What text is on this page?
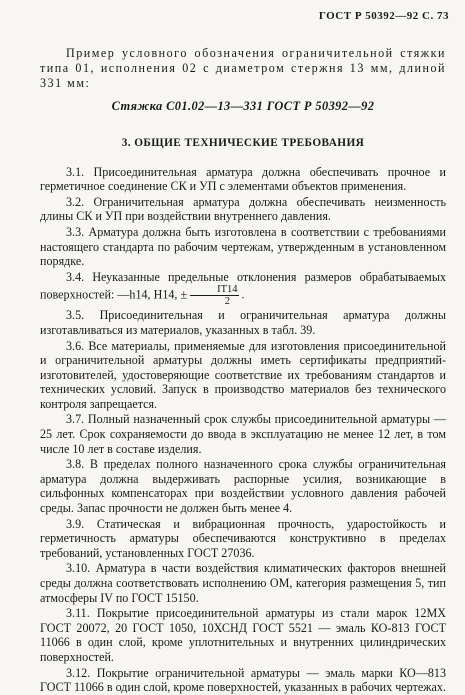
ГОСТ Р 50392—92 С. 73

Пример условного обозначения ограничительной стяжки типа 01, исполнения 02 с диаметром стержня 13 мм, длиной 331 мм:

Стяжка С01.02—13—331 ГОСТ Р 50392—92

3. ОБЩИЕ ТЕХНИЧЕСКИЕ ТРЕБОВАНИЯ

3.1. Присоединительная арматура должна обеспечивать прочное и герметичное соединение СК и УП с элементами объектов применения.

3.2. Ограничительная арматура должна обеспечивать неизменность длины СК и УП при воздействии внутреннего давления.

3.3. Арматура должна быть изготовлена в соответствии с требованиями настоящего стандарта по рабочим чертежам, утвержденным в установленном порядке.

3.4. Неуказанные предельные отклонения размеров обрабатываемых поверхностей: —h14, H14, ± $\frac{IT14}{2}$ .

3.5. Присоединительная и ограничительная арматура должны изготавливаться из материалов, указанных в табл. 39.

3.6. Все материалы, применяемые для изготовления присоединительной и ограничительной арматуры должны иметь сертификаты предприятий-изготовителей, удостоверяющие соответствие их требованиям стандартов и технических условий. Запуск в производство материалов без технического контроля запрещается.

3.7. Полный назначенный срок службы присоединительной арматуры — 25 лет. Срок сохраняемости до ввода в эксплуатацию не менее 12 лет, в том числе 10 лет в составе изделия.

3.8. В пределах полного назначенного срока службы ограничительная арматура должна выдерживать распорные усилия, возникающие в сильфонных компенсаторах при воздействии условного давления рабочей среды. Запас прочности не должен быть менее 4.

3.9. Статическая и вибрационная прочность, ударостойкость и герметичность арматуры обеспечиваются конструктивно в пределах требований, установленных ГОСТ 27036.

3.10. Арматура в части воздействия климатических факторов внешней среды должна соответствовать исполнению ОМ, категория размещения 5, тип атмосферы IV по ГОСТ 15150.

3.11. Покрытие присоединительной арматуры из стали марок 12МХ ГОСТ 20072, 20 ГОСТ 1050, 10ХСНД ГОСТ 5521 — эмаль КО-813 ГОСТ 11066 в один слой, кроме уплотнительных и внутренних цилиндрических поверхностей.

3.12. Покрытие ограничительной арматуры — эмаль марки КО—813 ГОСТ 11066 в один слой, кроме поверхностей, указанных в рабочих чертежах.
